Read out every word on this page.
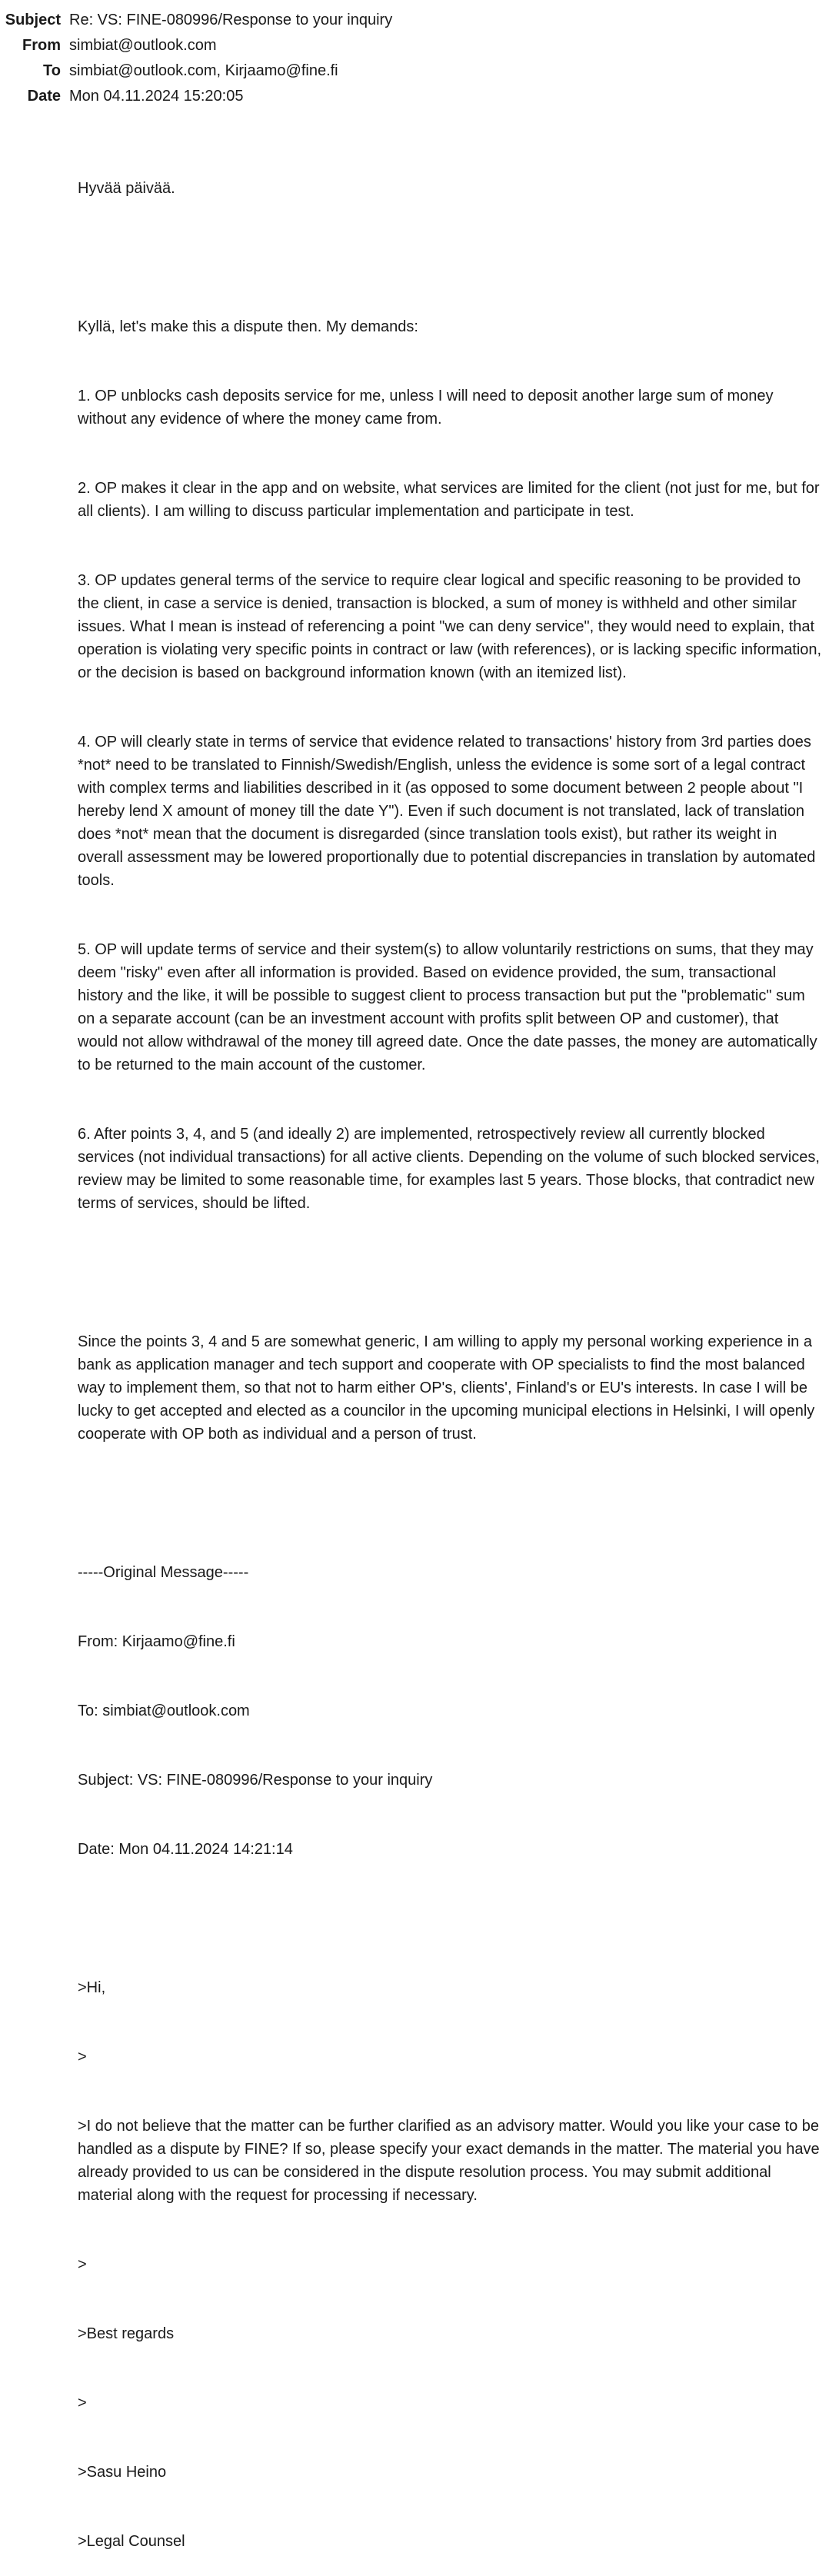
Subject Re: VS: FINE-080996/Response to your inquiry
From simbiat@outlook.com
To simbiat@outlook.com, Kirjaamo@fine.fi
Date Mon 04.11.2024 15:20:05

Hyvää päivää.

Kyllä, let's make this a dispute then. My demands:

1. OP unblocks cash deposits service for me, unless I will need to deposit another large sum of money without any evidence of where the money came from.

2. OP makes it clear in the app and on website, what services are limited for the client (not just for me, but for all clients). I am willing to discuss particular implementation and participate in test.

3. OP updates general terms of the service to require clear logical and specific reasoning to be provided to the client, in case a service is denied, transaction is blocked, a sum of money is withheld and other similar issues. What I mean is instead of referencing a point "we can deny service", they would need to explain, that operation is violating very specific points in contract or law (with references), or is lacking specific information, or the decision is based on background information known (with an itemized list).

4. OP will clearly state in terms of service that evidence related to transactions' history from 3rd parties does *not* need to be translated to Finnish/Swedish/English, unless the evidence is some sort of a legal contract with complex terms and liabilities described in it (as opposed to some document between 2 people about "I hereby lend X amount of money till the date Y"). Even if such document is not translated, lack of translation does *not* mean that the document is disregarded (since translation tools exist), but rather its weight in overall assessment may be lowered proportionally due to potential discrepancies in translation by automated tools.

5. OP will update terms of service and their system(s) to allow voluntarily restrictions on sums, that they may deem "risky" even after all information is provided. Based on evidence provided, the sum, transactional history and the like, it will be possible to suggest client to process transaction but put the "problematic" sum on a separate account (can be an investment account with profits split between OP and customer), that would not allow withdrawal of the money till agreed date. Once the date passes, the money are automatically to be returned to the main account of the customer.

6. After points 3, 4, and 5 (and ideally 2) are implemented, retrospectively review all currently blocked services (not individual transactions) for all active clients. Depending on the volume of such blocked services, review may be limited to some reasonable time, for examples last 5 years. Those blocks, that contradict new terms of services, should be lifted.

Since the points 3, 4 and 5 are somewhat generic, I am willing to apply my personal working experience in a bank as application manager and tech support and cooperate with OP specialists to find the most balanced way to implement them, so that not to harm either OP's, clients', Finland's or EU's interests. In case I will be lucky to get accepted and elected as a councilor in the upcoming municipal elections in Helsinki, I will openly cooperate with OP both as individual and a person of trust.

-----Original Message-----

From: Kirjaamo@fine.fi

To: simbiat@outlook.com

Subject: VS: FINE-080996/Response to your inquiry

Date: Mon 04.11.2024 14:21:14

>Hi,

>

>I do not believe that the matter can be further clarified as an advisory matter. Would you like your case to be handled as a dispute by FINE? If so, please specify your exact demands in the matter. The material you have already provided to us can be considered in the dispute resolution process. You may submit additional material along with the request for processing if necessary.

>

>Best regards

>

>Sasu Heino

>Legal Counsel
